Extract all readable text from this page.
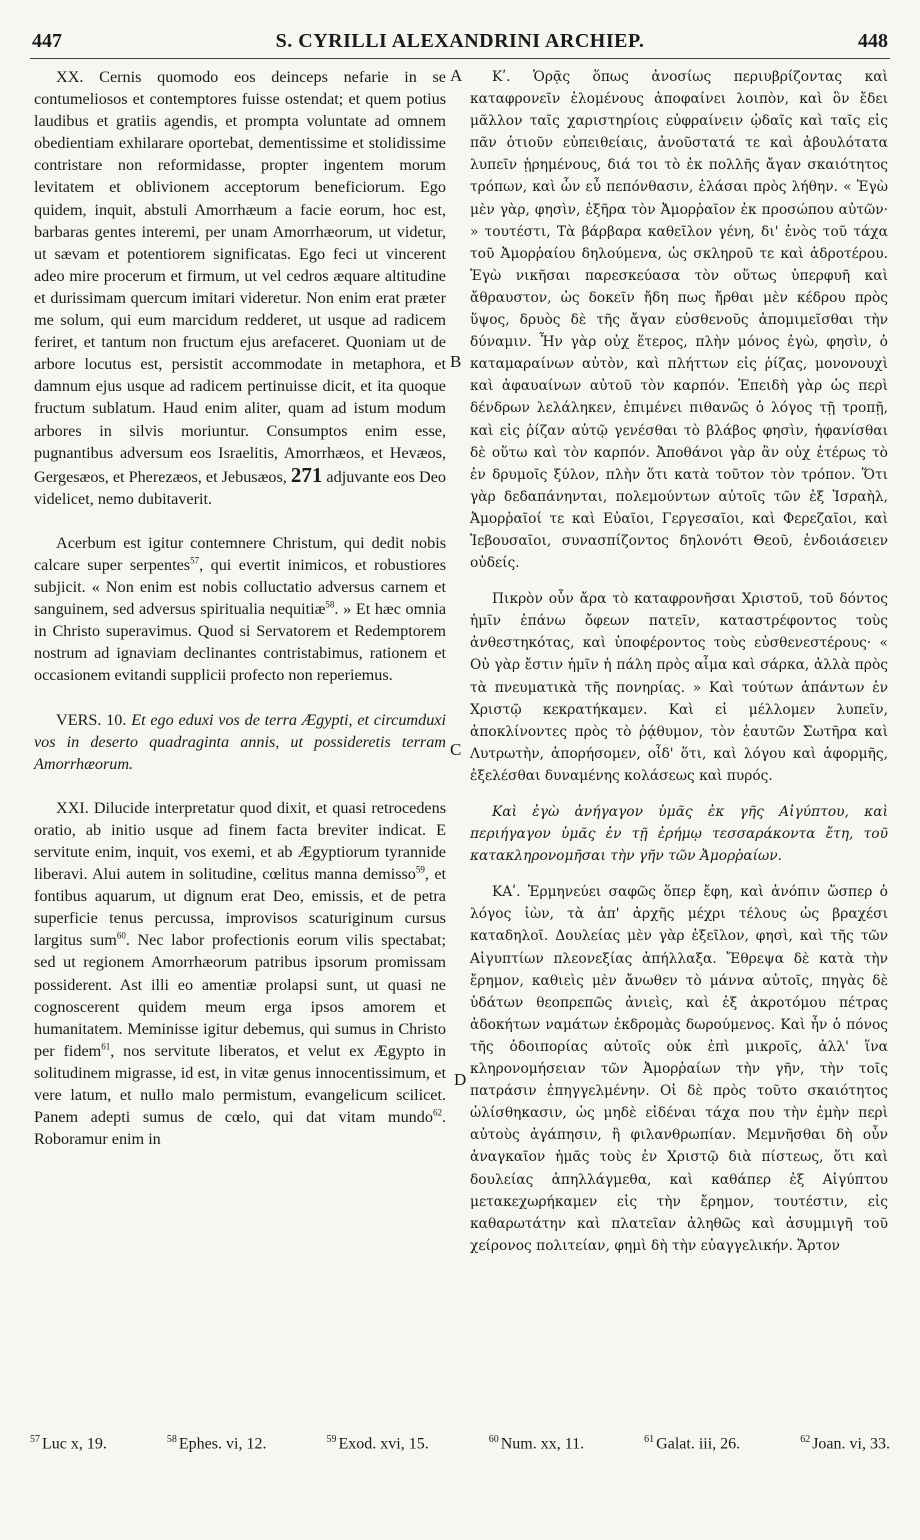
447	S. CYRILLI ALEXANDRINI ARCHIEP.	448
A
B
C
D

XX. Cernis quomodo eos deinceps nefarie in se contumeliosos et contemptores fuisse ostendat; et quem potius laudibus et gratiis agendis, et prompta voluntate ad omnem obedientiam exhilarare oportebat, dementissime et stolidissime contristare non reformidasse, propter ingentem morum levitatem et oblivionem acceptorum beneficiorum. Ego quidem, inquit, abstuli Amorrhæum a facie eorum, hoc est, barbaras gentes interemi, per unam Amorrhæorum, ut videtur, ut sævam et potentiorem significatas. Ego feci ut vincerent adeo mire procerum et firmum, ut vel cedros æquare altitudine et durissimam quercum imitari videretur. Non enim erat præter me solum, qui eum marcidum redderet, ut usque ad radicem feriret, et tantum non fructum ejus arefaceret. Quoniam ut de arbore locutus est, persistit accommodate in metaphora, et damnum ejus usque ad radicem pertinuisse dicit, et ita quoque fructum sublatum. Haud enim aliter, quam ad istum modum arbores in silvis moriuntur. Consumptos enim esse, pugnantibus adversum eos Israelitis, Amorrhæos, et Hevæos, Gergesæos, et Pherezæos, et Jebusæos, 271 adjuvante eos Deo videlicet, nemo dubitaverit.

Acerbum est igitur contemnere Christum, qui dedit nobis calcare super serpentes$^{57}$, qui evertit inimicos, et robustiores subjicit. « Non enim est nobis colluctatio adversus carnem et sanguinem, sed adversus spiritualia nequitiæ$^{58}$. » Et hæc omnia in Christo superavimus. Quod si Servatorem et Redemptorem nostrum ad ignaviam declinantes contristabimus, rationem et occasionem evitandi supplicii profecto non reperiemus.

VERS. 10. Et ego eduxi vos de terra Ægypti, et circumduxi vos in deserto quadraginta annis, ut possideretis terram Amorrhæorum.

XXI. Dilucide interpretatur quod dixit, et quasi retrocedens oratio, ab initio usque ad finem facta breviter indicat. E servitute enim, inquit, vos exemi, et ab Ægyptiorum tyrannide liberavi. Alui autem in solitudine, cœlitus manna demisso$^{59}$, et fontibus aquarum, ut dignum erat Deo, emissis, et de petra superficie tenus percussa, improvisos scaturiginum cursus largitus sum$^{60}$. Nec labor profectionis eorum vilis spectabat; sed ut regionem Amorrhæorum patribus ipsorum promissam possiderent. Ast illi eo amentiæ prolapsi sunt, ut quasi ne cognoscerent quidem meum erga ipsos amorem et humanitatem. Meminisse igitur debemus, qui sumus in Christo per fidem$^{61}$, nos servitute liberatos, et velut ex Ægypto in solitudinem migrasse, id est, in vitæ genus innocentissimum, et vere latum, et nullo malo permistum, evangelicum scilicet. Panem adepti sumus de cœlo, qui dat vitam mundo$^{62}$. Roboramur enim in

Κʹ. Ὁρᾷς ὅπως ἀνοσίως περιυβρίζοντας καὶ καταφρονεῖν ἑλομένους ἀποφαίνει λοιπὸν, καὶ ὃν ἔδει μᾶλλον ταῖς χαριστηρίοις εὐφραίνειν ᾠδαῖς καὶ ταῖς εἰς πᾶν ὁτιοῦν εὐπειθείαις, ἀνοῦστατά τε καὶ ἀβουλότατα λυπεῖν ᾑρημένους, διά τοι τὸ ἐκ πολλῆς ἄγαν σκαιότητος τρόπων, καὶ ὧν εὖ πεπόνθασιν, ἐλάσαι πρὸς λήθην. « Ἐγὼ μὲν γὰρ, φησὶν, ἐξῆρα τὸν Ἀμορῥαῖον ἐκ προσώπου αὐτῶν· » τουτέστι, Τὰ βάρβαρα καθεῖλον γένη, δι' ἑνὸς τοῦ τάχα τοῦ Ἀμορῥαίου δηλούμενα, ὡς σκληροῦ τε καὶ ἁδροτέρου. Ἐγὼ νικῆσαι παρεσκεύασα τὸν οὕτως ὑπερφυῆ καὶ ἄθραυστον, ὡς δοκεῖν ἤδη πως ἤρθαι μὲν κέδρου πρὸς ὕψος, δρυὸς δὲ τῆς ἄγαν εὐσθενοῦς ἀπομιμεῖσθαι τὴν δύναμιν. Ἦν γὰρ οὐχ ἕτερος, πλὴν μόνος ἐγὼ, φησὶν, ὁ καταμαραίνων αὐτὸν, καὶ πλήττων εἰς ῥίζας, μονονουχὶ καὶ ἀφαυαίνων αὐτοῦ τὸν καρπόν. Ἐπειδὴ γὰρ ὡς περὶ δένδρων λελάληκεν, ἐπιμένει πιθανῶς ὁ λόγος τῇ τροπῇ, καὶ εἰς ῥίζαν αὐτῷ γενέσθαι τὸ βλάβος φησὶν, ἠφανίσθαι δὲ οὕτω καὶ τὸν καρπόν. Ἀποθάνοι γὰρ ἂν οὐχ ἑτέρως τὸ ἐν δρυμοῖς ξύλον, πλὴν ὅτι κατὰ τοῦτον τὸν τρόπον. Ὅτι γὰρ δεδαπάνηνται, πολεμούντων αὐτοῖς τῶν ἐξ Ἰσραὴλ, Ἀμορῥαῖοί τε καὶ Εὐαῖοι, Γεργεσαῖοι, καὶ Φερεζαῖοι, καὶ Ἰεβουσαῖοι, συνασπίζοντος δηλονότι Θεοῦ, ἐνδοιάσειεν οὐδείς.

Πικρὸν οὖν ἄρα τὸ καταφρονῆσαι Χριστοῦ, τοῦ δόντος ἡμῖν ἐπάνω ὄφεων πατεῖν, καταστρέφοντος τοὺς ἀνθεστηκότας, καὶ ὑποφέροντος τοὺς εὐσθενεστέρους· « Οὐ γὰρ ἔστιν ἡμῖν ἡ πάλη πρὸς αἷμα καὶ σάρκα, ἀλλὰ πρὸς τὰ πνευματικὰ τῆς πονηρίας. » Καὶ τούτων ἁπάντων ἐν Χριστῷ κεκρατήκαμεν. Καὶ εἰ μέλλομεν λυπεῖν, ἀποκλίνοντες πρὸς τὸ ῥᾴθυμον, τὸν ἑαυτῶν Σωτῆρα καὶ Λυτρωτὴν, ἀπορήσομεν, οἶδ' ὅτι, καὶ λόγου καὶ ἀφορμῆς, ἐξελέσθαι δυναμένης κολάσεως καὶ πυρός.

Καὶ ἐγὼ ἀνήγαγον ὑμᾶς ἐκ γῆς Αἰγύπτου, καὶ περιήγαγον ὑμᾶς ἐν τῇ ἐρήμῳ τεσσαράκοντα ἔτη, τοῦ κατακληρονομῆσαι τὴν γῆν τῶν Ἀμορῥαίων.

ΚΑʹ. Ἑρμηνεύει σαφῶς ὅπερ ἔφη, καὶ ἀνόπιν ὥσπερ ὁ λόγος ἰὼν, τὰ ἀπ' ἀρχῆς μέχρι τέλους ὡς βραχέσι καταδηλοῖ. Δουλείας μὲν γὰρ ἐξεῖλον, φησὶ, καὶ τῆς τῶν Αἰγυπτίων πλεονεξίας ἀπήλλαξα. Ἔθρεψα δὲ κατὰ τὴν ἔρημον, καθιεὶς μὲν ἄνωθεν τὸ μάννα αὐτοῖς, πηγὰς δὲ ὑδάτων θεοπρεπῶς ἀνιεὶς, καὶ ἐξ ἀκροτόμου πέτρας ἀδοκήτων ναμάτων ἐκδρομὰς δωρούμενος. Καὶ ἦν ὁ πόνος τῆς ὁδοιπορίας αὐτοῖς οὐκ ἐπὶ μικροῖς, ἀλλ' ἵνα κληρονομήσειαν τῶν Ἀμορῥαίων τὴν γῆν, τὴν τοῖς πατράσιν ἐπηγγελμένην. Οἱ δὲ πρὸς τοῦτο σκαιότητος ὠλίσθηκασιν, ὡς μηδὲ εἰδέναι τάχα που τὴν ἐμὴν περὶ αὐτοὺς ἀγάπησιν, ἢ φιλανθρωπίαν. Μεμνῆσθαι δὴ οὖν ἀναγκαῖον ἡμᾶς τοὺς ἐν Χριστῷ διὰ πίστεως, ὅτι καὶ δουλείας ἀπηλλάγμεθα, καὶ καθάπερ ἐξ Αἰγύπτου μετακεχωρήκαμεν εἰς τὴν ἔρημον, τουτέστιν, εἰς καθαρωτάτην καὶ πλατεῖαν ἀληθῶς καὶ ἀσυμμιγῆ τοῦ χείρονος πολιτείαν, φημὶ δὴ τὴν εὐαγγελικήν. Ἄρτον

$^{57}$ Luc x, 19.	$^{58}$ Ephes. vi, 12.	$^{59}$ Exod. xvi, 15.	$^{60}$ Num. xx, 11.	$^{61}$ Galat. iii, 26.	$^{62}$ Joan. vi, 33.
